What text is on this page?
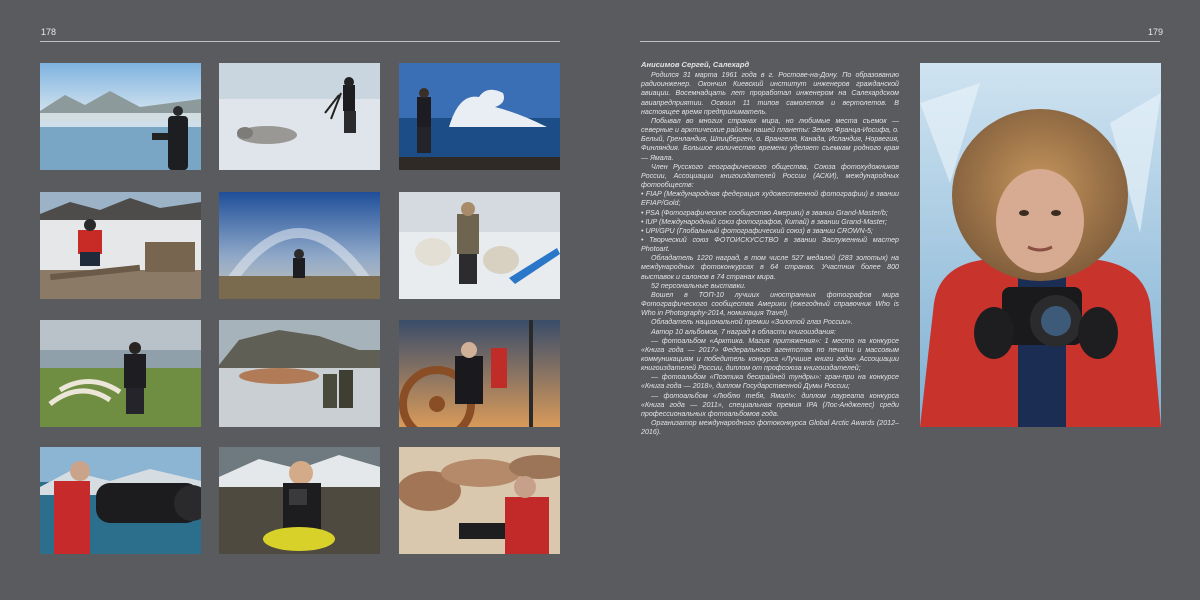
178	179
Анисимов Сергей, Салехард

Родился 31 марта 1961 года в г. Ростове-на-Дону. По образованию радиоинженер. Окончил Киевский институт инженеров гражданской авиации. Восемнадцать лет проработал инженером на Салехардском авиапредприятии. Освоил 11 типов самолетов и вертолетов. В настоящее время предприниматель.

Побывал во многих странах мира, но любимые места съемок — северные и арктические районы нашей планеты: Земля Франца-Иосифа, о. Белый, Гренландия, Шпицберген, о. Врангеля, Канада, Исландия, Норвегия, Финляндия. Большое количество времени уделяет съемкам родного края — Ямала.

Член Русского географического общества, Союза фотохудожников России, Ассоциации книгоиздателей России (АСКИ), международных фотообществ:

• FIAP (Международная федерация художественной фотографии) в звании EFIAP/Gold;

• PSA (Фотографическое сообщество Америки) в звании Grand-Master/b;

• IUP (Международный союз фотографов, Китай) в звании Grand-Master;

• UPI/GPU (Глобальный фотографический союз) в звании CROWN-5;

• Творческий союз ФОТОИСКУССТВО в звании Заслуженный мастер Photoart.

Обладатель 1220 наград, в том числе 527 медалей (283 золотых) на международных фотоконкурсах в 64 странах. Участник более 800 выставок и салонов в 74 странах мира.

52 персональные выставки.

Вошел в ТОП-10 лучших иностранных фотографов мира Фотографического сообщества Америки (ежегодный справочник Who is Who in Photography-2014, номинация Travel).

Обладатель национальной премии «Золотой глаз России».

Автор 10 альбомов, 7 наград в области книгоиздания:

— фотоальбом «Арктика. Магия притяжения»: 1 место на конкурсе «Книга года — 2017» Федерального агентства по печати и массовым коммуникациям и победитель конкурса «Лучшие книги года» Ассоциации книгоиздателей России, диплом от профсоюза книгоиздателей;

— фотоальбом «Поэтика бескрайней тундры»: гран-при на конкурсе «Книга года — 2018», диплом Государственной Думы России;

— фотоальбом «Люблю тебя, Ямал!»: диплом лауреата конкурса «Книга года — 2011», специальная премия IPA (Лос-Анджелес) среди профессиональных фотоальбомов года.

Организатор международного фотоконкурса Global Arctic Awards (2012–2016).
